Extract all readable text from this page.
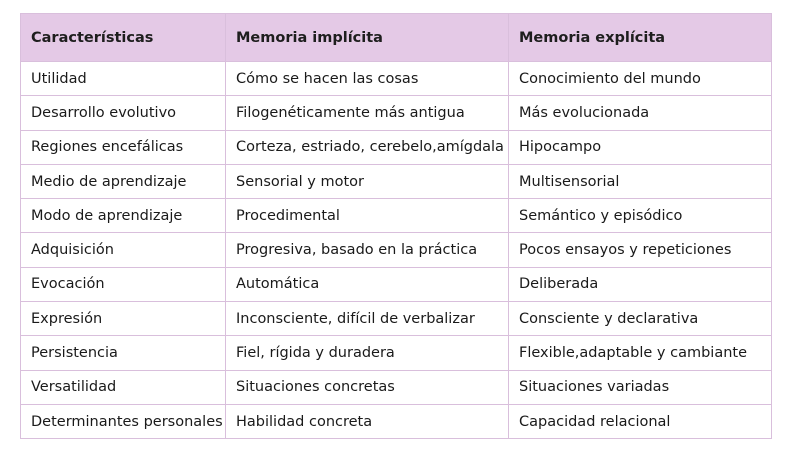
Características	Memoria implícita	Memoria explícita
Utilidad	Cómo se hacen las cosas	Conocimiento del mundo
Desarrollo evolutivo	Filogenéticamente más antigua	Más evolucionada
Regiones encefálicas	Corteza, estriado, cerebelo,amígdala	Hipocampo
Medio de aprendizaje	Sensorial y motor	Multisensorial
Modo de aprendizaje	Procedimental	Semántico y episódico
Adquisición	Progresiva, basado en la práctica	Pocos ensayos y repeticiones
Evocación	Automática	Deliberada
Expresión	Inconsciente, difícil de verbalizar	Consciente y declarativa
Persistencia	Fiel, rígida y duradera	Flexible,adaptable y cambiante
Versatilidad	Situaciones concretas	Situaciones variadas
Determinantes personales	Habilidad concreta	Capacidad relacional
